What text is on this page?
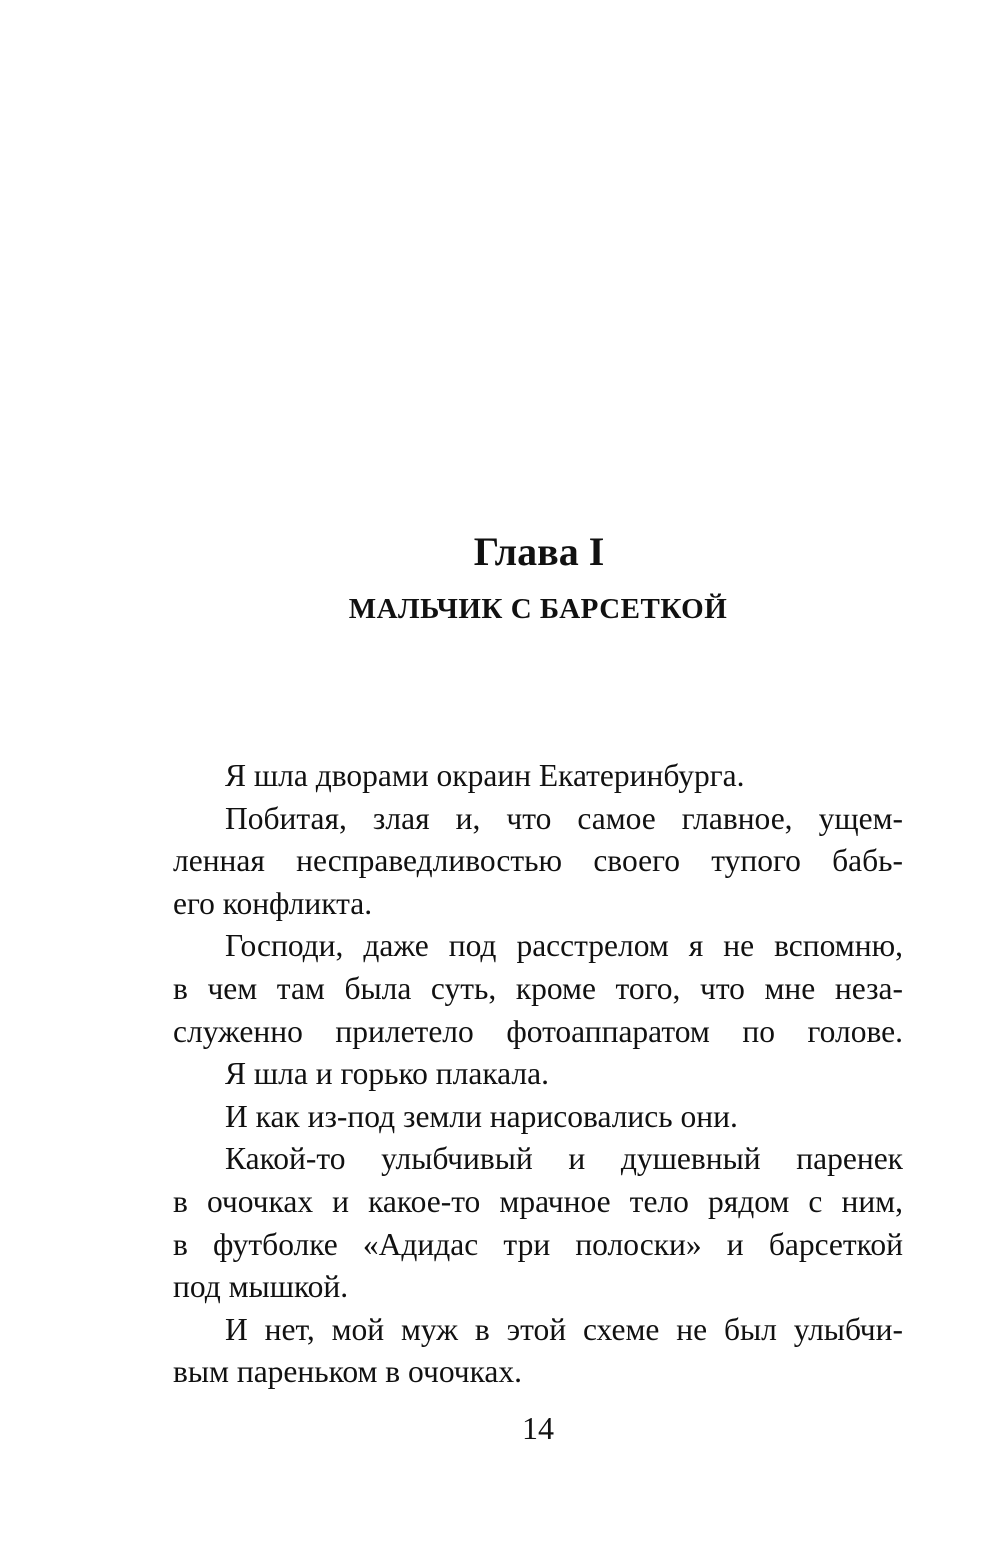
Глава I
МАЛЬЧИК С БАРСЕТКОЙ
Я шла дворами окраин Екатеринбурга.
Побитая, злая и, что самое главное, ущем-
ленная несправедливостью своего тупого бабь-
его конфликта.
Господи, даже под расстрелом я не вспомню,
в чем там была суть, кроме того, что мне неза-
служенно прилетело фотоаппаратом по голове.
Я шла и горько плакала.
И как из-под земли нарисовались они.
Какой-то улыбчивый и душевный паренек
в очочках и какое-то мрачное тело рядом с ним,
в футболке «Адидас три полоски» и барсеткой
под мышкой.
И нет, мой муж в этой схеме не был улыбчи-
вым пареньком в очочках.
14
